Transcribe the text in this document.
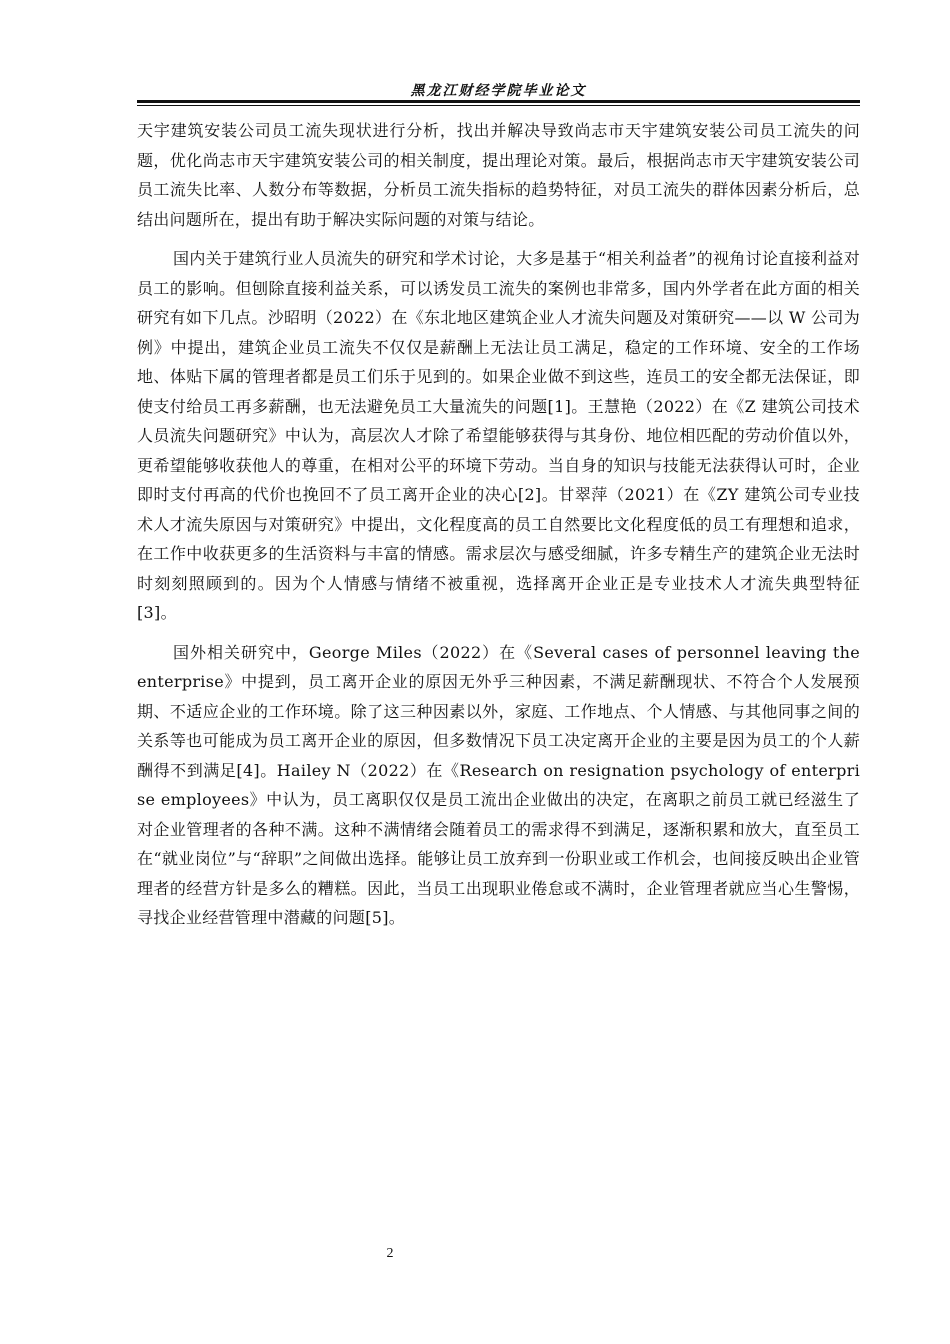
黑龙江财经学院毕业论文

天宇建筑安装公司员工流失现状进行分析，找出并解决导致尚志市天宇建筑安装公司员工流失的问题，优化尚志市天宇建筑安装公司的相关制度，提出理论对策。最后，根据尚志市天宇建筑安装公司员工流失比率、人数分布等数据，分析员工流失指标的趋势特征，对员工流失的群体因素分析后，总结出问题所在，提出有助于解决实际问题的对策与结论。

国内关于建筑行业人员流失的研究和学术讨论，大多是基于“相关利益者”的视角讨论直接利益对员工的影响。但刨除直接利益关系，可以诱发员工流失的案例也非常多，国内外学者在此方面的相关研究有如下几点。沙昭明（2022）在《东北地区建筑企业人才流失问题及对策研究——以 W 公司为例》中提出，建筑企业员工流失不仅仅是薪酬上无法让员工满足，稳定的工作环境、安全的工作场地、体贴下属的管理者都是员工们乐于见到的。如果企业做不到这些，连员工的安全都无法保证，即使支付给员工再多薪酬，也无法避免员工大量流失的问题[1]。王慧艳（2022）在《Z 建筑公司技术人员流失问题研究》中认为，高层次人才除了希望能够获得与其身份、地位相匹配的劳动价值以外，更希望能够收获他人的尊重，在相对公平的环境下劳动。当自身的知识与技能无法获得认可时，企业即时支付再高的代价也挽回不了员工离开企业的决心[2]。甘翠萍（2021）在《ZY 建筑公司专业技术人才流失原因与对策研究》中提出，文化程度高的员工自然要比文化程度低的员工有理想和追求，在工作中收获更多的生活资料与丰富的情感。需求层次与感受细腻，许多专精生产的建筑企业无法时时刻刻照顾到的。因为个人情感与情绪不被重视，选择离开企业正是专业技术人才流失典型特征[3]。

国外相关研究中，George Miles（2022）在《Several cases of personnel leaving the enterprise》中提到，员工离开企业的原因无外乎三种因素，不满足薪酬现状、不符合个人发展预期、不适应企业的工作环境。除了这三种因素以外，家庭、工作地点、个人情感、与其他同事之间的关系等也可能成为员工离开企业的原因，但多数情况下员工决定离开企业的主要是因为员工的个人薪酬得不到满足[4]。Hailey N（2022）在《Research on resignation psychology of enterprise employees》中认为，员工离职仅仅是员工流出企业做出的决定，在离职之前员工就已经滋生了对企业管理者的各种不满。这种不满情绪会随着员工的需求得不到满足，逐渐积累和放大，直至员工在“就业岗位”与“辞职”之间做出选择。能够让员工放弃到一份职业或工作机会，也间接反映出企业管理者的经营方针是多么的糟糕。因此，当员工出现职业倦怠或不满时，企业管理者就应当心生警惕，寻找企业经营管理中潜藏的问题[5]。

2
